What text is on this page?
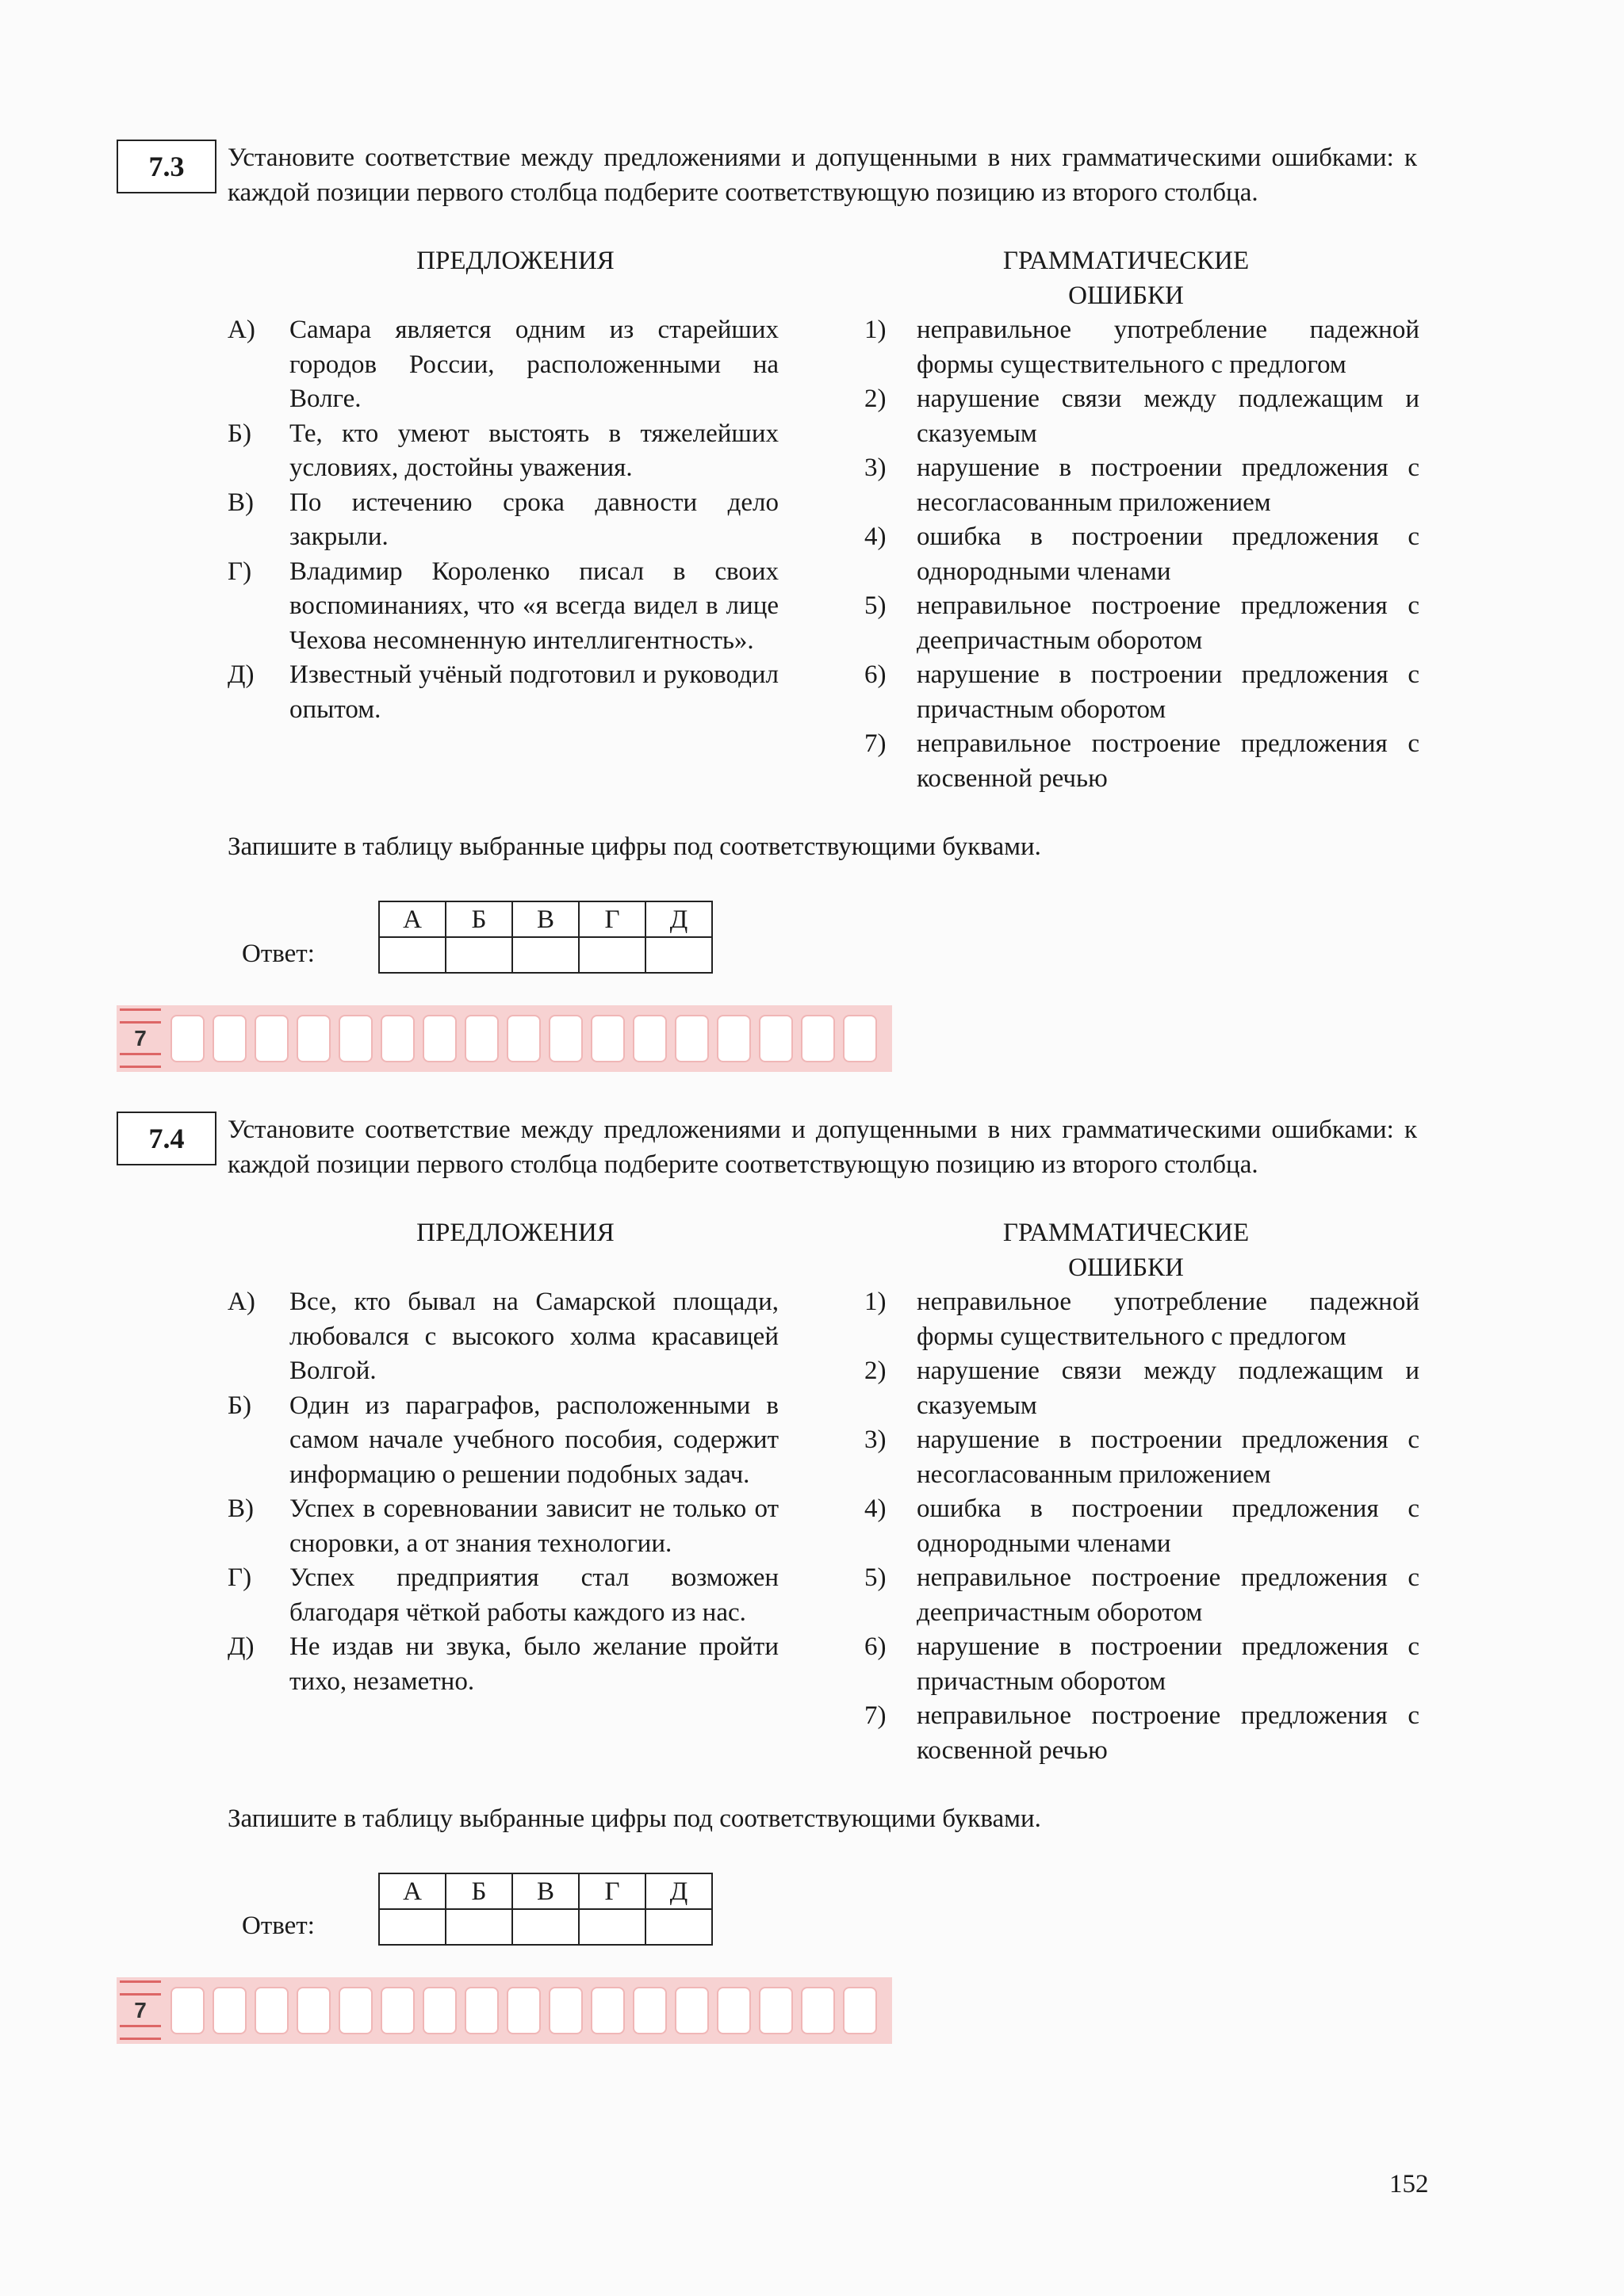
7.3	Установите соответствие между предложениями и допущенными в них грамматическими ошибками: к каждой позиции первого столбца подберите соответствующую позицию из второго столбца.
ПРЕДЛОЖЕНИЯ	ГРАММАТИЧЕСКИЕ
ОШИБКИ
А)	Самара является одним из старейших городов России, расположенными на Волге.
Б)	Те, кто умеют выстоять в тяжелейших условиях, достойны уважения.
В)	По истечению срока давности дело закрыли.
Г)	Владимир Короленко писал в своих воспоминаниях, что «я всегда видел в лице Чехова несомненную интеллигентность».
Д)	Известный учёный подготовил и руководил опытом.
1)	неправильное употребление падежной формы существительного с предлогом
2)	нарушение связи между подлежащим и сказуемым
3)	нарушение в построении предложения с несогласованным приложением
4)	ошибка в построении предложения с однородными членами
5)	неправильное построение предложения с деепричастным оборотом
6)	нарушение в построении предложения с причастным оборотом
7)	неправильное построение предложения с косвенной речью
Запишите в таблицу выбранные цифры под соответствующими буквами.
Ответ:
А	Б	В	Г	Д

7
7.4	Установите соответствие между предложениями и допущенными в них грамматическими ошибками: к каждой позиции первого столбца подберите соответствующую позицию из второго столбца.
ПРЕДЛОЖЕНИЯ	ГРАММАТИЧЕСКИЕ
ОШИБКИ
А)	Все, кто бывал на Самарской площади, любовался с высокого холма красавицей Волгой.
Б)	Один из параграфов, расположенными в самом начале учебного пособия, содержит информацию о решении подобных задач.
В)	Успех в соревновании зависит не только от сноровки, а от знания технологии.
Г)	Успех предприятия стал возможен благодаря чёткой работы каждого из нас.
Д)	Не издав ни звука, было желание пройти тихо, незаметно.
1)	неправильное употребление падежной формы существительного с предлогом
2)	нарушение связи между подлежащим и сказуемым
3)	нарушение в построении предложения с несогласованным приложением
4)	ошибка в построении предложения с однородными членами
5)	неправильное построение предложения с деепричастным оборотом
6)	нарушение в построении предложения с причастным оборотом
7)	неправильное построение предложения с косвенной речью
Запишите в таблицу выбранные цифры под соответствующими буквами.
Ответ:
А	Б	В	Г	Д

7
152
